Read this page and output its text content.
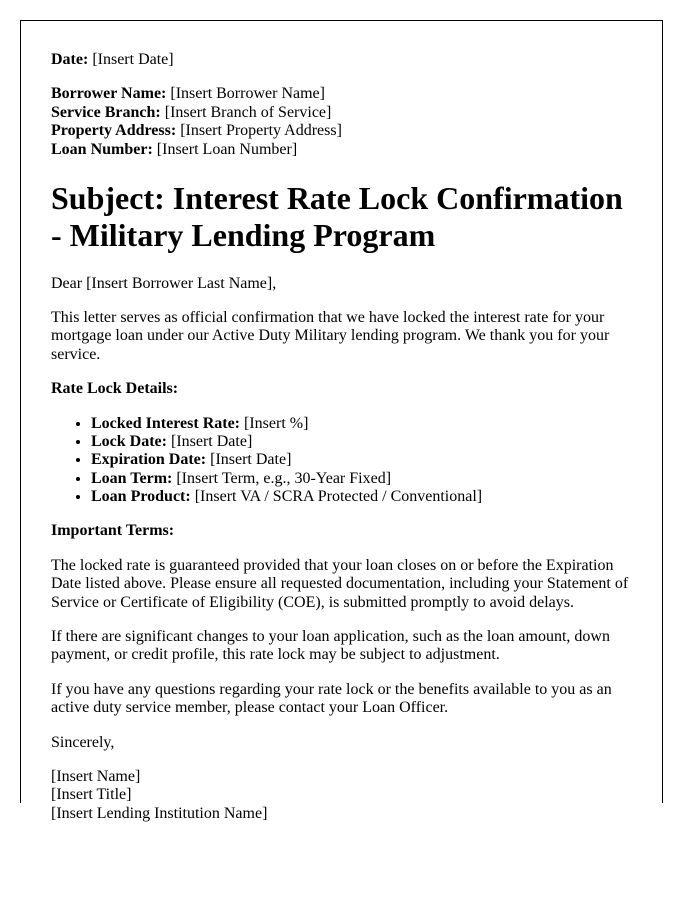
Date: [Insert Date]

Borrower Name: [Insert Borrower Name]
Service Branch: [Insert Branch of Service]
Property Address: [Insert Property Address]
Loan Number: [Insert Loan Number]

Subject: Interest Rate Lock Confirmation - Military Lending Program

Dear [Insert Borrower Last Name],

This letter serves as official confirmation that we have locked the interest rate for your mortgage loan under our Active Duty Military lending program. We thank you for your service.

Rate Lock Details:

• Locked Interest Rate: [Insert %]
• Lock Date: [Insert Date]
• Expiration Date: [Insert Date]
• Loan Term: [Insert Term, e.g., 30-Year Fixed]
• Loan Product: [Insert VA / SCRA Protected / Conventional]

Important Terms:

The locked rate is guaranteed provided that your loan closes on or before the Expiration Date listed above. Please ensure all requested documentation, including your Statement of Service or Certificate of Eligibility (COE), is submitted promptly to avoid delays.

If there are significant changes to your loan application, such as the loan amount, down payment, or credit profile, this rate lock may be subject to adjustment.

If you have any questions regarding your rate lock or the benefits available to you as an active duty service member, please contact your Loan Officer.

Sincerely,

[Insert Name]
[Insert Title]
[Insert Lending Institution Name]
